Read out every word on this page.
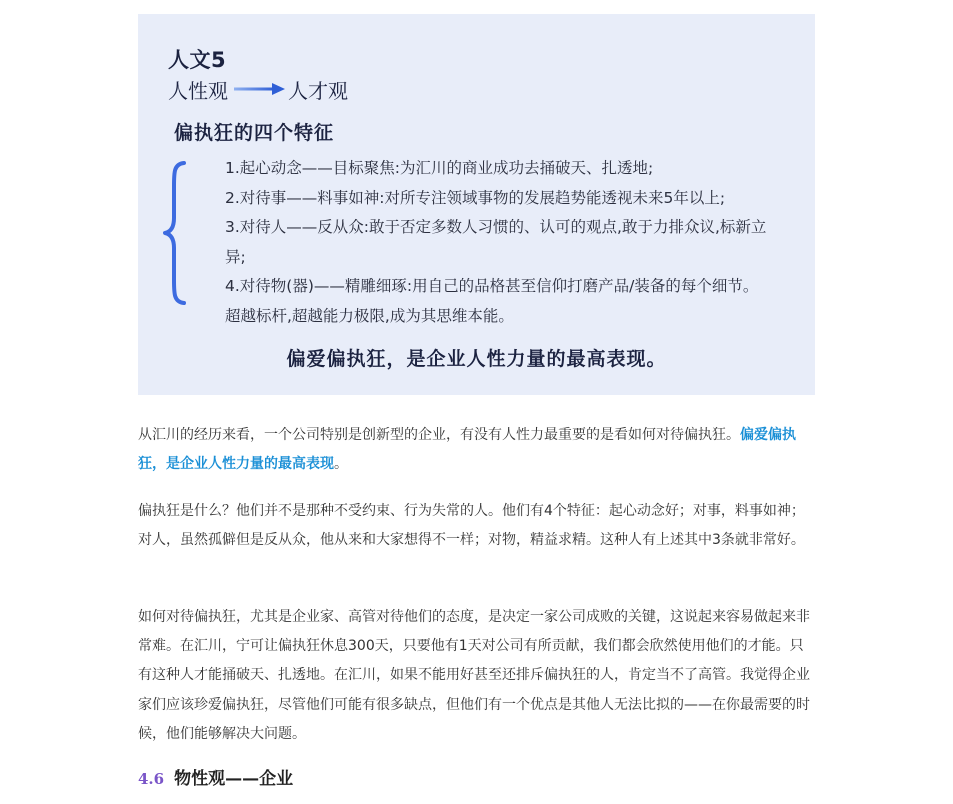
人文5
人性观	人才观
偏执狂的四个特征

1.起心动念——目标聚焦:为汇川的商业成功去捅破天、扎透地;

2.对待事——料事如神:对所专注领域事物的发展趋势能透视未来5年以上;

3.对待人——反从众:敢于否定多数人习惯的、认可的观点,敢于力排众议,标新立异;

4.对待物(器)——精雕细琢:用自己的品格甚至信仰打磨产品/装备的每个细节。超越标杆,超越能力极限,成为其思维本能。

偏爱偏执狂，是企业人性力量的最高表现。

从汇川的经历来看，一个公司特别是创新型的企业，有没有人性力最重要的是看如何对待偏执狂。偏爱偏执狂，是企业人性力量的最高表现。

偏执狂是什么？他们并不是那种不受约束、行为失常的人。他们有4个特征：起心动念好；对事，料事如神；对人，虽然孤僻但是反从众，他从来和大家想得不一样；对物，精益求精。这种人有上述其中3条就非常好。

如何对待偏执狂，尤其是企业家、高管对待他们的态度，是决定一家公司成败的关键，这说起来容易做起来非常难。在汇川，宁可让偏执狂休息300天，只要他有1天对公司有所贡献，我们都会欣然使用他们的才能。只有这种人才能捅破天、扎透地。在汇川，如果不能用好甚至还排斥偏执狂的人，肯定当不了高管。我觉得企业家们应该珍爱偏执狂，尽管他们可能有很多缺点，但他们有一个优点是其他人无法比拟的——在你最需要的时候，他们能够解决大问题。

4.6 物性观——企业
